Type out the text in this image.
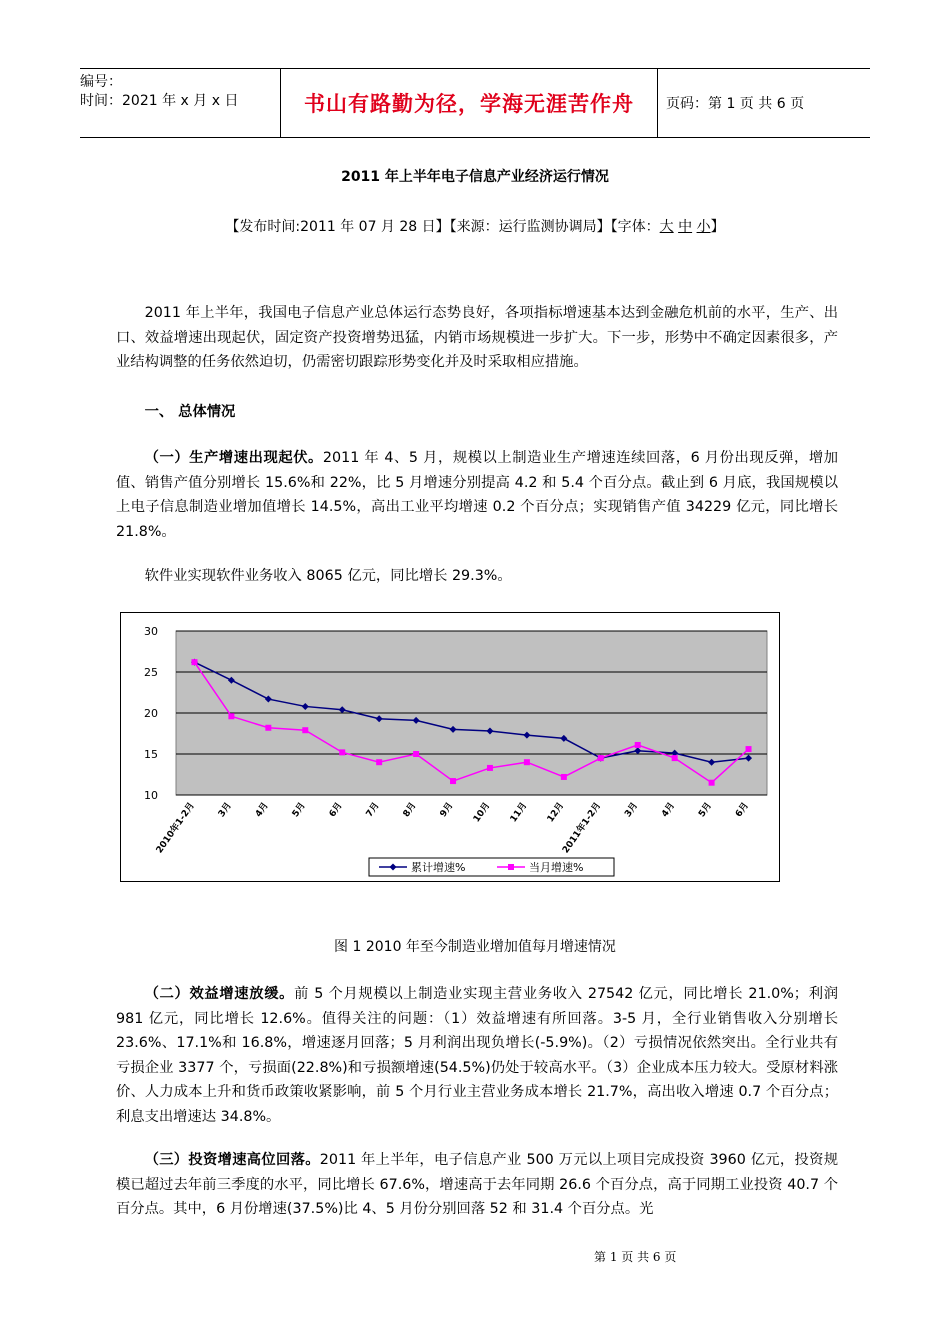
编号：
时间：2021 年 x 月 x 日	书山有路勤为径，学海无涯苦作舟	页码：第 1 页 共 6 页
2011 年上半年电子信息产业经济运行情况
【发布时间:2011 年 07 月 28 日】【来源：运行监测协调局】【字体：大 中 小】

2011 年上半年，我国电子信息产业总体运行态势良好，各项指标增速基本达到金融危机前的水平，生产、出口、效益增速出现起伏，固定资产投资增势迅猛，内销市场规模进一步扩大。下一步，形势中不确定因素很多，产业结构调整的任务依然迫切，仍需密切跟踪形势变化并及时采取相应措施。

一、 总体情况

（一）生产增速出现起伏。2011 年 4、5 月，规模以上制造业生产增速连续回落，6 月份出现反弹，增加值、销售产值分别增长 15.6%和 22%，比 5 月增速分别提高 4.2 和 5.4 个百分点。截止到 6 月底，我国规模以上电子信息制造业增加值增长 14.5%，高出工业平均增速 0.2 个百分点；实现销售产值 34229 亿元，同比增长 21.8%。

软件业实现软件业务收入 8065 亿元，同比增长 29.3%。

10
15
20
25
30
2010年1-2月 3月 4月 5月 6月 7月 8月 9月 10月 11月 12月
2011年1-2月 3月 4月 5月 6月
累计增速%	当月增速%
图 1 2010 年至今制造业增加值每月增速情况

（二）效益增速放缓。前 5 个月规模以上制造业实现主营业务收入 27542 亿元，同比增长 21.0%；利润 981 亿元，同比增长 12.6%。值得关注的问题：（1）效益增速有所回落。3-5 月，全行业销售收入分别增长 23.6%、17.1%和 16.8%，增速逐月回落；5 月利润出现负增长(-5.9%)。（2）亏损情况依然突出。全行业共有亏损企业 3377 个，亏损面(22.8%)和亏损额增速(54.5%)仍处于较高水平。（3）企业成本压力较大。受原材料涨价、人力成本上升和货币政策收紧影响，前 5 个月行业主营业务成本增长 21.7%，高出收入增速 0.7 个百分点；利息支出增速达 34.8%。

（三）投资增速高位回落。2011 年上半年，电子信息产业 500 万元以上项目完成投资 3960 亿元，投资规模已超过去年前三季度的水平，同比增长 67.6%，增速高于去年同期 26.6 个百分点，高于同期工业投资 40.7 个百分点。其中，6 月份增速(37.5%)比 4、5 月份分别回落 52 和 31.4 个百分点。光

第 1 页 共 6 页
